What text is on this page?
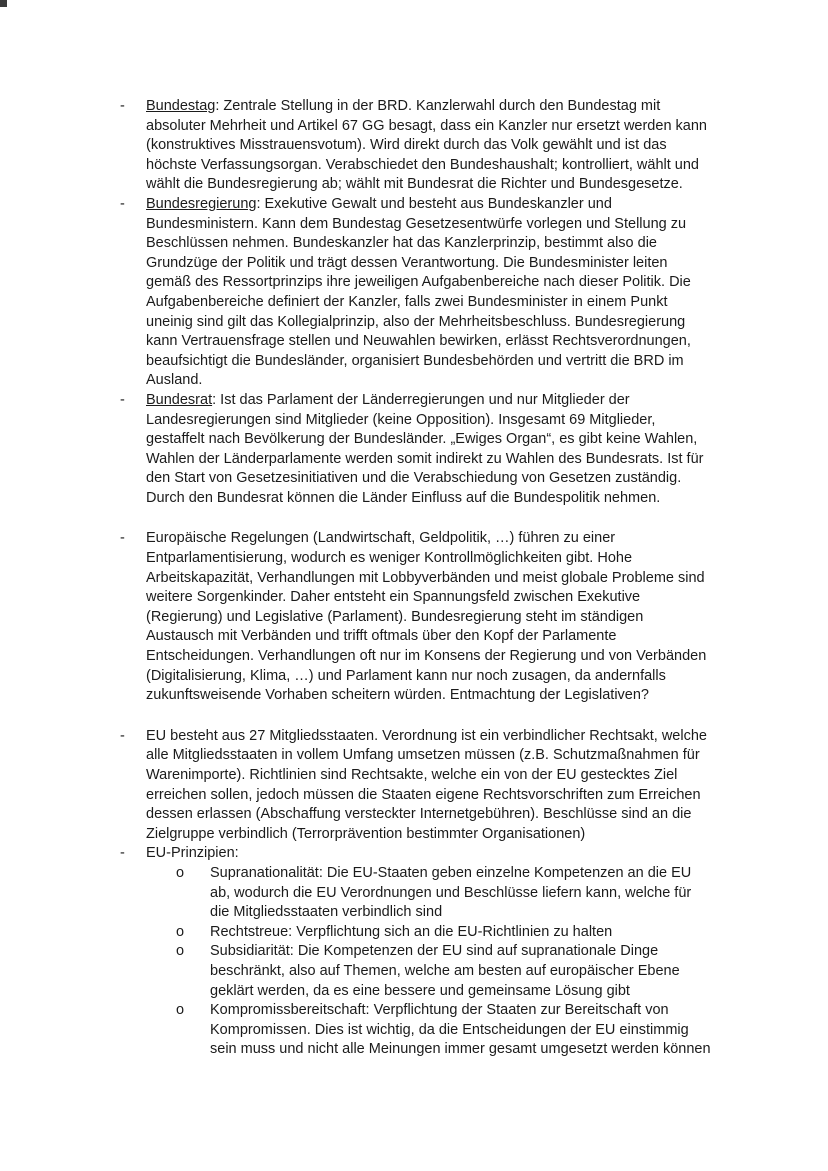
-	Bundestag: Zentrale Stellung in der BRD. Kanzlerwahl durch den Bundestag mit absoluter Mehrheit und Artikel 67 GG besagt, dass ein Kanzler nur ersetzt werden kann (konstruktives Misstrauensvotum). Wird direkt durch das Volk gewählt und ist das höchste Verfassungsorgan. Verabschiedet den Bundeshaushalt; kontrolliert, wählt und wählt die Bundesregierung ab; wählt mit Bundesrat die Richter und Bundesgesetze.

-	Bundesregierung: Exekutive Gewalt und besteht aus Bundeskanzler und Bundesministern. Kann dem Bundestag Gesetzesentwürfe vorlegen und Stellung zu Beschlüssen nehmen. Bundeskanzler hat das Kanzlerprinzip, bestimmt also die Grundzüge der Politik und trägt dessen Verantwortung. Die Bundesminister leiten gemäß des Ressortprinzips ihre jeweiligen Aufgabenbereiche nach dieser Politik. Die Aufgabenbereiche definiert der Kanzler, falls zwei Bundesminister in einem Punkt uneinig sind gilt das Kollegialprinzip, also der Mehrheitsbeschluss. Bundesregierung kann Vertrauensfrage stellen und Neuwahlen bewirken, erlässt Rechtsverordnungen, beaufsichtigt die Bundesländer, organisiert Bundesbehörden und vertritt die BRD im Ausland.

-	Bundesrat: Ist das Parlament der Länderregierungen und nur Mitglieder der Landesregierungen sind Mitglieder (keine Opposition). Insgesamt 69 Mitglieder, gestaffelt nach Bevölkerung der Bundesländer. „Ewiges Organ“, es gibt keine Wahlen, Wahlen der Länderparlamente werden somit indirekt zu Wahlen des Bundesrats. Ist für den Start von Gesetzesinitiativen und die Verabschiedung von Gesetzen zuständig. Durch den Bundesrat können die Länder Einfluss auf die Bundespolitik nehmen.

-	Europäische Regelungen (Landwirtschaft, Geldpolitik, …) führen zu einer Entparlamentisierung, wodurch es weniger Kontrollmöglichkeiten gibt. Hohe Arbeitskapazität, Verhandlungen mit Lobbyverbänden und meist globale Probleme sind weitere Sorgenkinder. Daher entsteht ein Spannungsfeld zwischen Exekutive (Regierung) und Legislative (Parlament). Bundesregierung steht im ständigen Austausch mit Verbänden und trifft oftmals über den Kopf der Parlamente Entscheidungen. Verhandlungen oft nur im Konsens der Regierung und von Verbänden (Digitalisierung, Klima, …) und Parlament kann nur noch zusagen, da andernfalls zukunftsweisende Vorhaben scheitern würden. Entmachtung der Legislativen?

-	EU besteht aus 27 Mitgliedsstaaten. Verordnung ist ein verbindlicher Rechtsakt, welche alle Mitgliedsstaaten in vollem Umfang umsetzen müssen (z.B. Schutzmaßnahmen für Warenimporte). Richtlinien sind Rechtsakte, welche ein von der EU gestecktes Ziel erreichen sollen, jedoch müssen die Staaten eigene Rechtsvorschriften zum Erreichen dessen erlassen (Abschaffung versteckter Internetgebühren). Beschlüsse sind an die Zielgruppe verbindlich (Terrorprävention bestimmter Organisationen)

-	EU-Prinzipien:
o	Supranationalität: Die EU-Staaten geben einzelne Kompetenzen an die EU ab, wodurch die EU Verordnungen und Beschlüsse liefern kann, welche für die Mitgliedsstaaten verbindlich sind

o	Rechtstreue: Verpflichtung sich an die EU-Richtlinien zu halten

o	Subsidiarität: Die Kompetenzen der EU sind auf supranationale Dinge beschränkt, also auf Themen, welche am besten auf europäischer Ebene geklärt werden, da es eine bessere und gemeinsame Lösung gibt

o	Kompromissbereitschaft: Verpflichtung der Staaten zur Bereitschaft von Kompromissen. Dies ist wichtig, da die Entscheidungen der EU einstimmig sein muss und nicht alle Meinungen immer gesamt umgesetzt werden können
